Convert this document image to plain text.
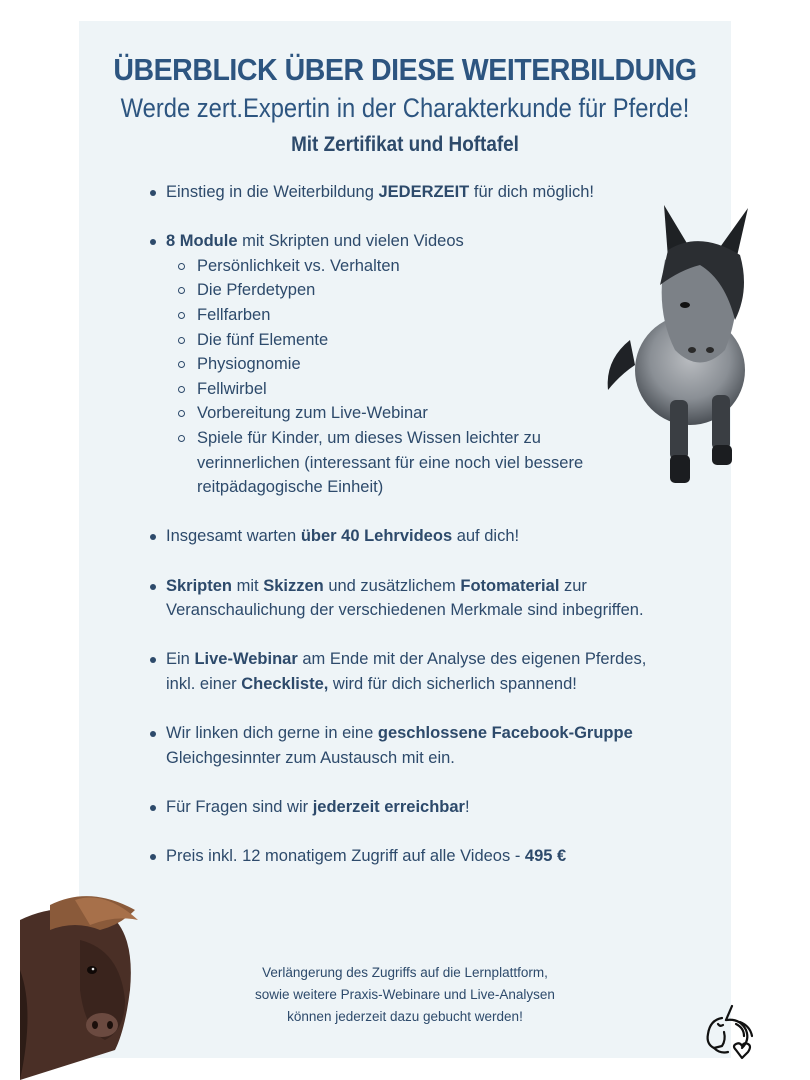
ÜBERBLICK ÜBER DIESE WEITERBILDUNG
Werde zert.Expertin in der Charakterkunde für Pferde!
Mit Zertifikat und Hoftafel
Einstieg in die Weiterbildung JEDERZEIT für dich möglich!
8 Module mit Skripten und vielen Videos
Persönlichkeit vs. Verhalten
Die Pferdetypen
Fellfarben
Die fünf Elemente
Physiognomie
Fellwirbel
Vorbereitung zum Live-Webinar
Spiele für Kinder, um dieses Wissen leichter zu verinnerlichen (interessant für eine noch viel bessere reitpädagogische Einheit)
Insgesamt warten über 40 Lehrvideos auf dich!
Skripten mit Skizzen und zusätzlichem Fotomaterial zur Veranschaulichung der verschiedenen Merkmale sind inbegriffen.
Ein Live-Webinar am Ende mit der Analyse des eigenen Pferdes, inkl. einer Checkliste, wird für dich sicherlich spannend!
Wir linken dich gerne in eine geschlossene Facebook-Gruppe Gleichgesinnter zum Austausch mit ein.
Für Fragen sind wir jederzeit erreichbar!
Preis inkl. 12 monatigem Zugriff auf alle Videos - 495 €
Verlängerung des Zugriffs auf die Lernplattform,
sowie weitere Praxis-Webinare und Live-Analysen
können jederzeit dazu gebucht werden!
